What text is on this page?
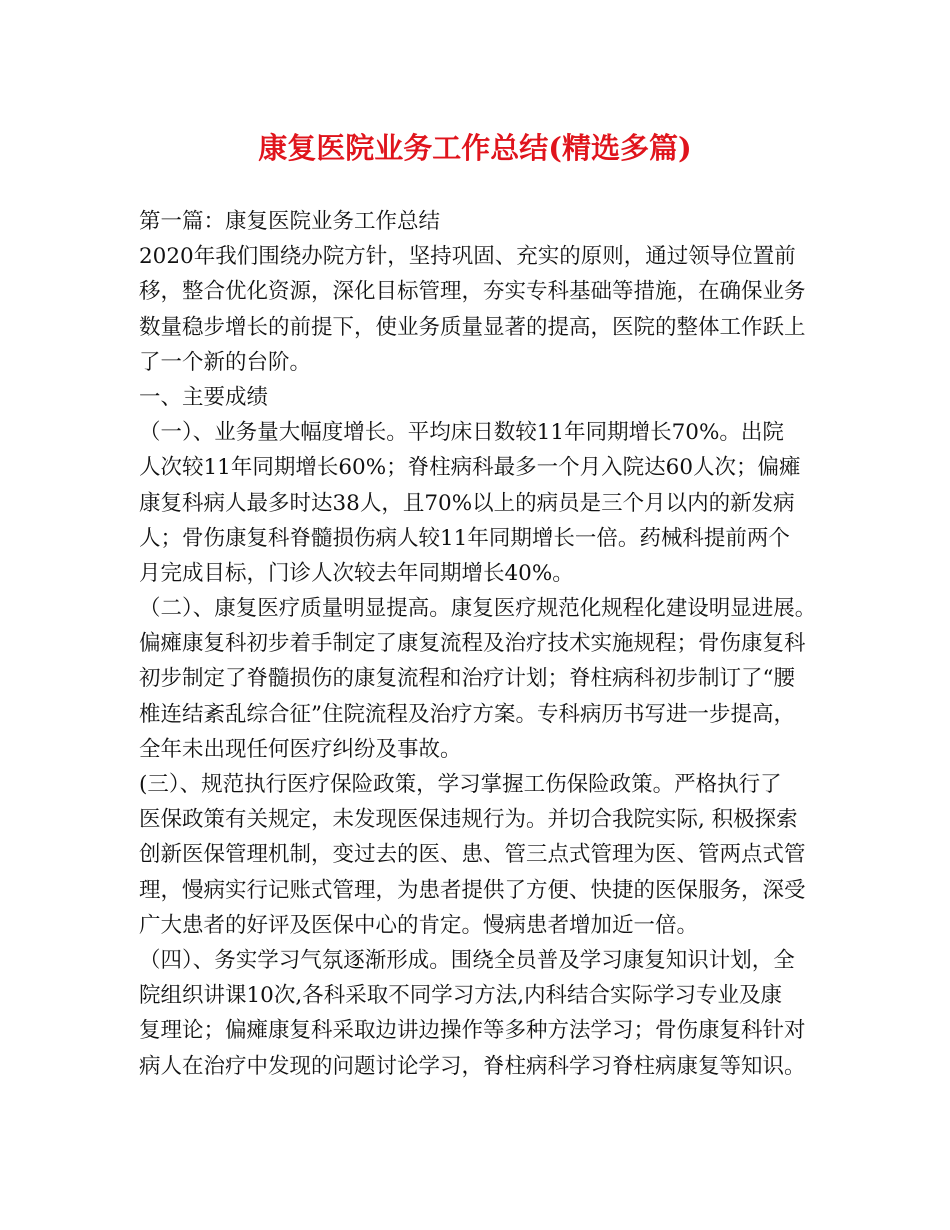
康复医院业务工作总结(精选多篇)
第一篇：康复医院业务工作总结
2020年我们围绕办院方针，坚持巩固、充实的原则，通过领导位置前
移，整合优化资源，深化目标管理，夯实专科基础等措施，在确保业务
数量稳步增长的前提下，使业务质量显著的提高，医院的整体工作跃上
了一个新的台阶。
一、主要成绩
（一）、业务量大幅度增长。平均床日数较11年同期增长70%。出院
人次较11年同期增长60%；脊柱病科最多一个月入院达60人次；偏瘫
康复科病人最多时达38人，且70%以上的病员是三个月以内的新发病
人；骨伤康复科脊髓损伤病人较11年同期增长一倍。药械科提前两个
月完成目标，门诊人次较去年同期增长40%。
（二）、康复医疗质量明显提高。康复医疗规范化规程化建设明显进展。
偏瘫康复科初步着手制定了康复流程及治疗技术实施规程；骨伤康复科
初步制定了脊髓损伤的康复流程和治疗计划；脊柱病科初步制订了“腰
椎连结紊乱综合征”住院流程及治疗方案。专科病历书写进一步提高，
全年未出现任何医疗纠纷及事故。
(三）、规范执行医疗保险政策，学习掌握工伤保险政策。严格执行了
医保政策有关规定，未发现医保违规行为。并切合我院实际, 积极探索
创新医保管理机制，变过去的医、患、管三点式管理为医、管两点式管
理，慢病实行记账式管理，为患者提供了方便、快捷的医保服务，深受
广大患者的好评及医保中心的肯定。慢病患者增加近一倍。
（四）、务实学习气氛逐渐形成。围绕全员普及学习康复知识计划，全
院组织讲课10次,各科采取不同学习方法,内科结合实际学习专业及康
复理论；偏瘫康复科采取边讲边操作等多种方法学习；骨伤康复科针对
病人在治疗中发现的问题讨论学习，脊柱病科学习脊柱病康复等知识。
